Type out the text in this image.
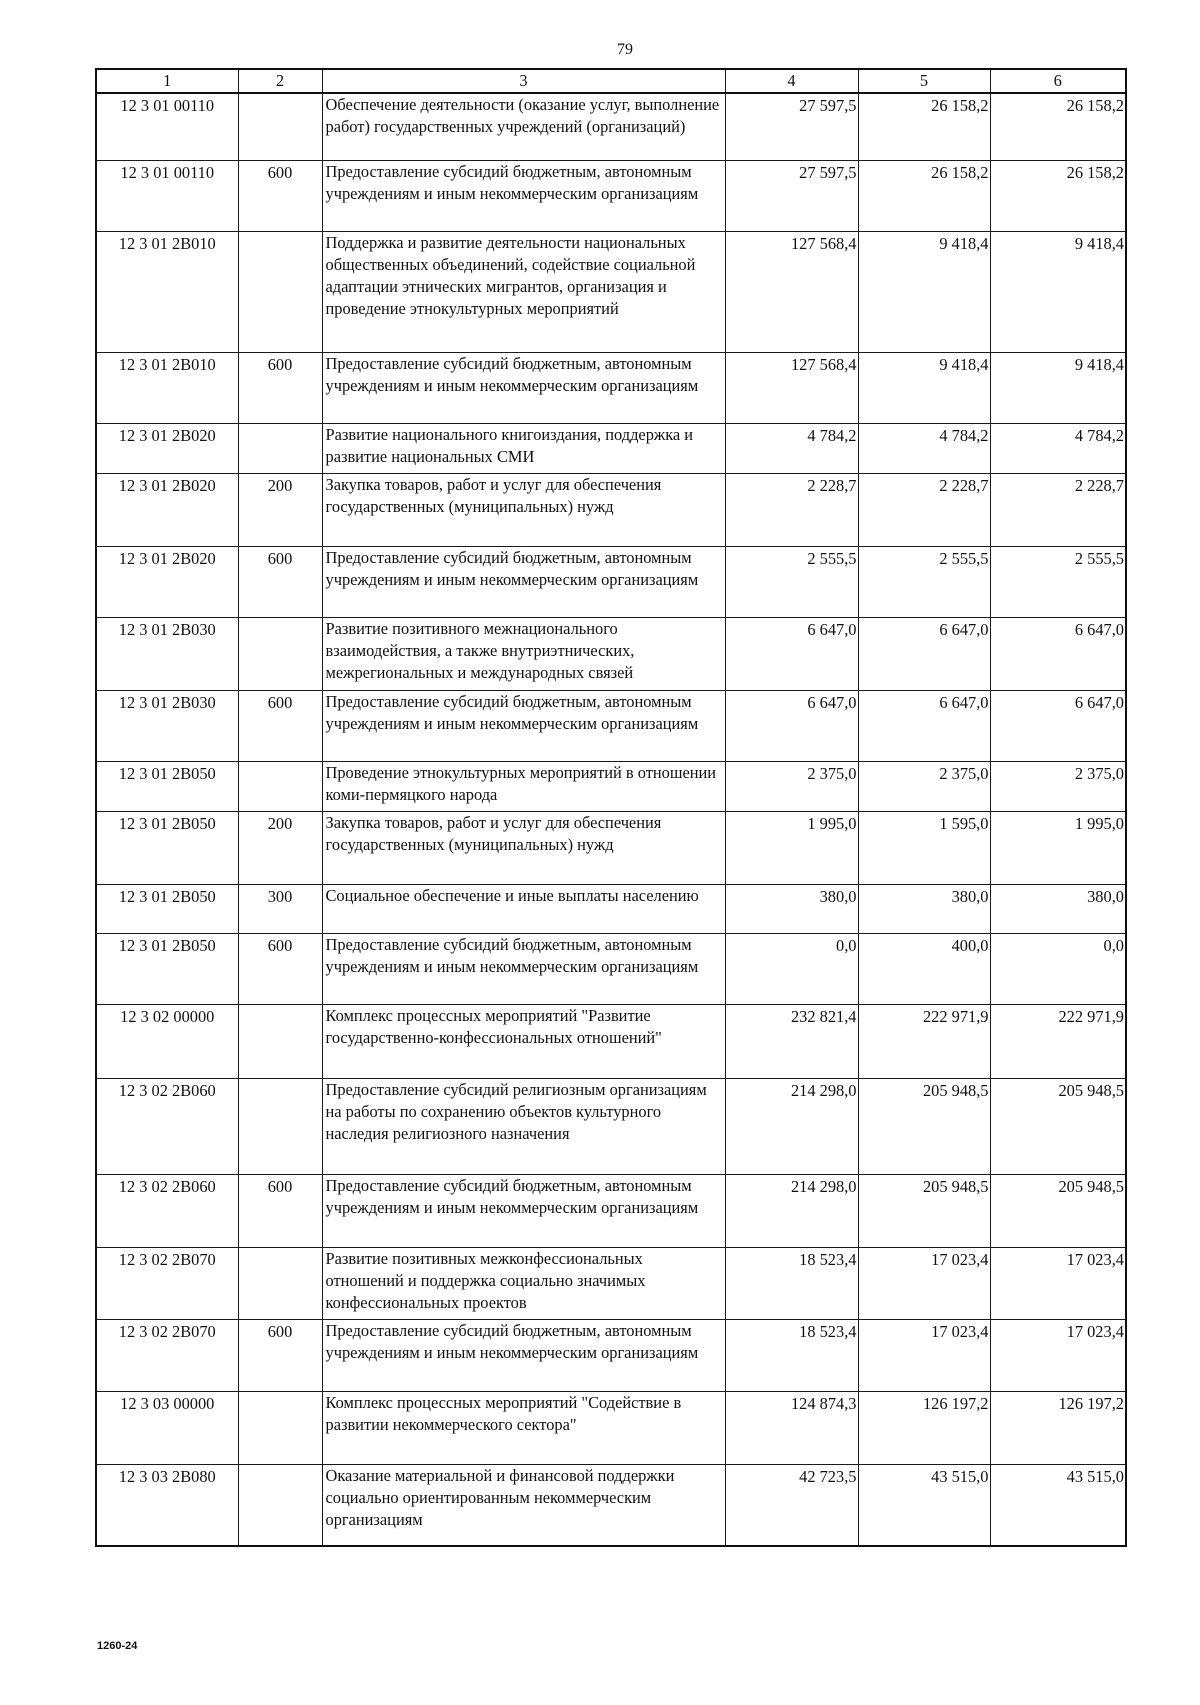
79
1	2	3	4	5	6
12 3 01 00110		Обеспечение деятельности (оказание услуг, выполнение работ) государственных учреждений (организаций)	27 597,5	26 158,2	26 158,2
12 3 01 00110	600	Предоставление субсидий бюджетным, автономным учреждениям и иным некоммерческим организациям	27 597,5	26 158,2	26 158,2
12 3 01 2В010		Поддержка и развитие деятельности национальных общественных объединений, содействие социальной адаптации этнических мигрантов, организация и проведение этнокультурных мероприятий	127 568,4	9 418,4	9 418,4
12 3 01 2В010	600	Предоставление субсидий бюджетным, автономным учреждениям и иным некоммерческим организациям	127 568,4	9 418,4	9 418,4
12 3 01 2В020		Развитие национального книгоиздания, поддержка и развитие национальных СМИ	4 784,2	4 784,2	4 784,2
12 3 01 2В020	200	Закупка товаров, работ и услуг для обеспечения государственных (муниципальных) нужд	2 228,7	2 228,7	2 228,7
12 3 01 2В020	600	Предоставление субсидий бюджетным, автономным учреждениям и иным некоммерческим организациям	2 555,5	2 555,5	2 555,5
12 3 01 2В030		Развитие позитивного межнационального взаимодействия, а также внутриэтнических, межрегиональных и международных связей	6 647,0	6 647,0	6 647,0
12 3 01 2В030	600	Предоставление субсидий бюджетным, автономным учреждениям и иным некоммерческим организациям	6 647,0	6 647,0	6 647,0
12 3 01 2В050		Проведение этнокультурных мероприятий в отношении коми-пермяцкого народа	2 375,0	2 375,0	2 375,0
12 3 01 2В050	200	Закупка товаров, работ и услуг для обеспечения государственных (муниципальных) нужд	1 995,0	1 595,0	1 995,0
12 3 01 2В050	300	Социальное обеспечение и иные выплаты населению	380,0	380,0	380,0
12 3 01 2В050	600	Предоставление субсидий бюджетным, автономным учреждениям и иным некоммерческим организациям	0,0	400,0	0,0
12 3 02 00000		Комплекс процессных мероприятий "Развитие государственно-конфессиональных отношений"	232 821,4	222 971,9	222 971,9
12 3 02 2В060		Предоставление субсидий религиозным организациям на работы по сохранению объектов культурного наследия религиозного назначения	214 298,0	205 948,5	205 948,5
12 3 02 2В060	600	Предоставление субсидий бюджетным, автономным учреждениям и иным некоммерческим организациям	214 298,0	205 948,5	205 948,5
12 3 02 2В070		Развитие позитивных межконфессиональных отношений и поддержка социально значимых конфессиональных проектов	18 523,4	17 023,4	17 023,4
12 3 02 2В070	600	Предоставление субсидий бюджетным, автономным учреждениям и иным некоммерческим организациям	18 523,4	17 023,4	17 023,4
12 3 03 00000		Комплекс процессных мероприятий "Содействие в развитии некоммерческого сектора"	124 874,3	126 197,2	126 197,2
12 3 03 2В080		Оказание материальной и финансовой поддержки социально ориентированным некоммерческим организациям	42 723,5	43 515,0	43 515,0
1260-24
